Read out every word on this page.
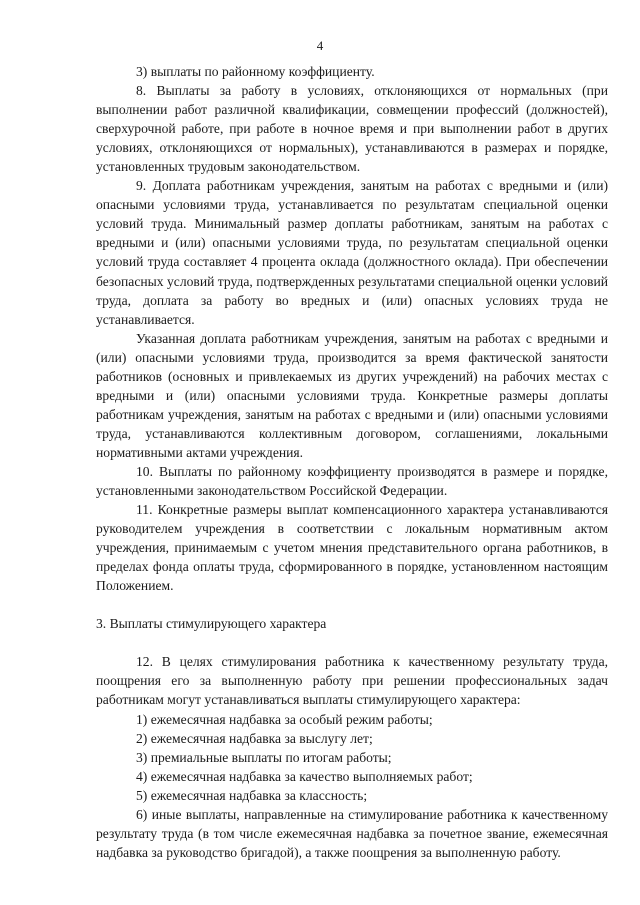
4

3) выплаты по районному коэффициенту.

8. Выплаты за работу в условиях, отклоняющихся от нормальных (при выполнении работ различной квалификации, совмещении профессий (должностей), сверхурочной работе, при работе в ночное время и при выполнении работ в других условиях, отклоняющихся от нормальных), устанавливаются в размерах и порядке, установленных трудовым законодательством.

9. Доплата работникам учреждения, занятым на работах с вредными и (или) опасными условиями труда, устанавливается по результатам специальной оценки условий труда. Минимальный размер доплаты работникам, занятым на работах с вредными и (или) опасными условиями труда, по результатам специальной оценки условий труда составляет 4 процента оклада (должностного оклада). При обеспечении безопасных условий труда, подтвержденных результатами специальной оценки условий труда, доплата за работу во вредных и (или) опасных условиях труда не устанавливается.

Указанная доплата работникам учреждения, занятым на работах с вредными и (или) опасными условиями труда, производится за время фактической занятости работников (основных и привлекаемых из других учреждений) на рабочих местах с вредными и (или) опасными условиями труда. Конкретные размеры доплаты работникам учреждения, занятым на работах с вредными и (или) опасными условиями труда, устанавливаются коллективным договором, соглашениями, локальными нормативными актами учреждения.

10. Выплаты по районному коэффициенту производятся в размере и порядке, установленными законодательством Российской Федерации.

11. Конкретные размеры выплат компенсационного характера устанавливаются руководителем учреждения в соответствии с локальным нормативным актом учреждения, принимаемым с учетом мнения представительного органа работников, в пределах фонда оплаты труда, сформированного в порядке, установленном настоящим Положением.

3. Выплаты стимулирующего характера

12. В целях стимулирования работника к качественному результату труда, поощрения его за выполненную работу при решении профессиональных задач работникам могут устанавливаться выплаты стимулирующего характера:

1) ежемесячная надбавка за особый режим работы;

2) ежемесячная надбавка за выслугу лет;

3) премиальные выплаты по итогам работы;

4) ежемесячная надбавка за качество выполняемых работ;

5) ежемесячная надбавка за классность;

6) иные выплаты, направленные на стимулирование работника к качественному результату труда (в том числе ежемесячная надбавка за почетное звание, ежемесячная надбавка за руководство бригадой), а также поощрения за выполненную работу.
